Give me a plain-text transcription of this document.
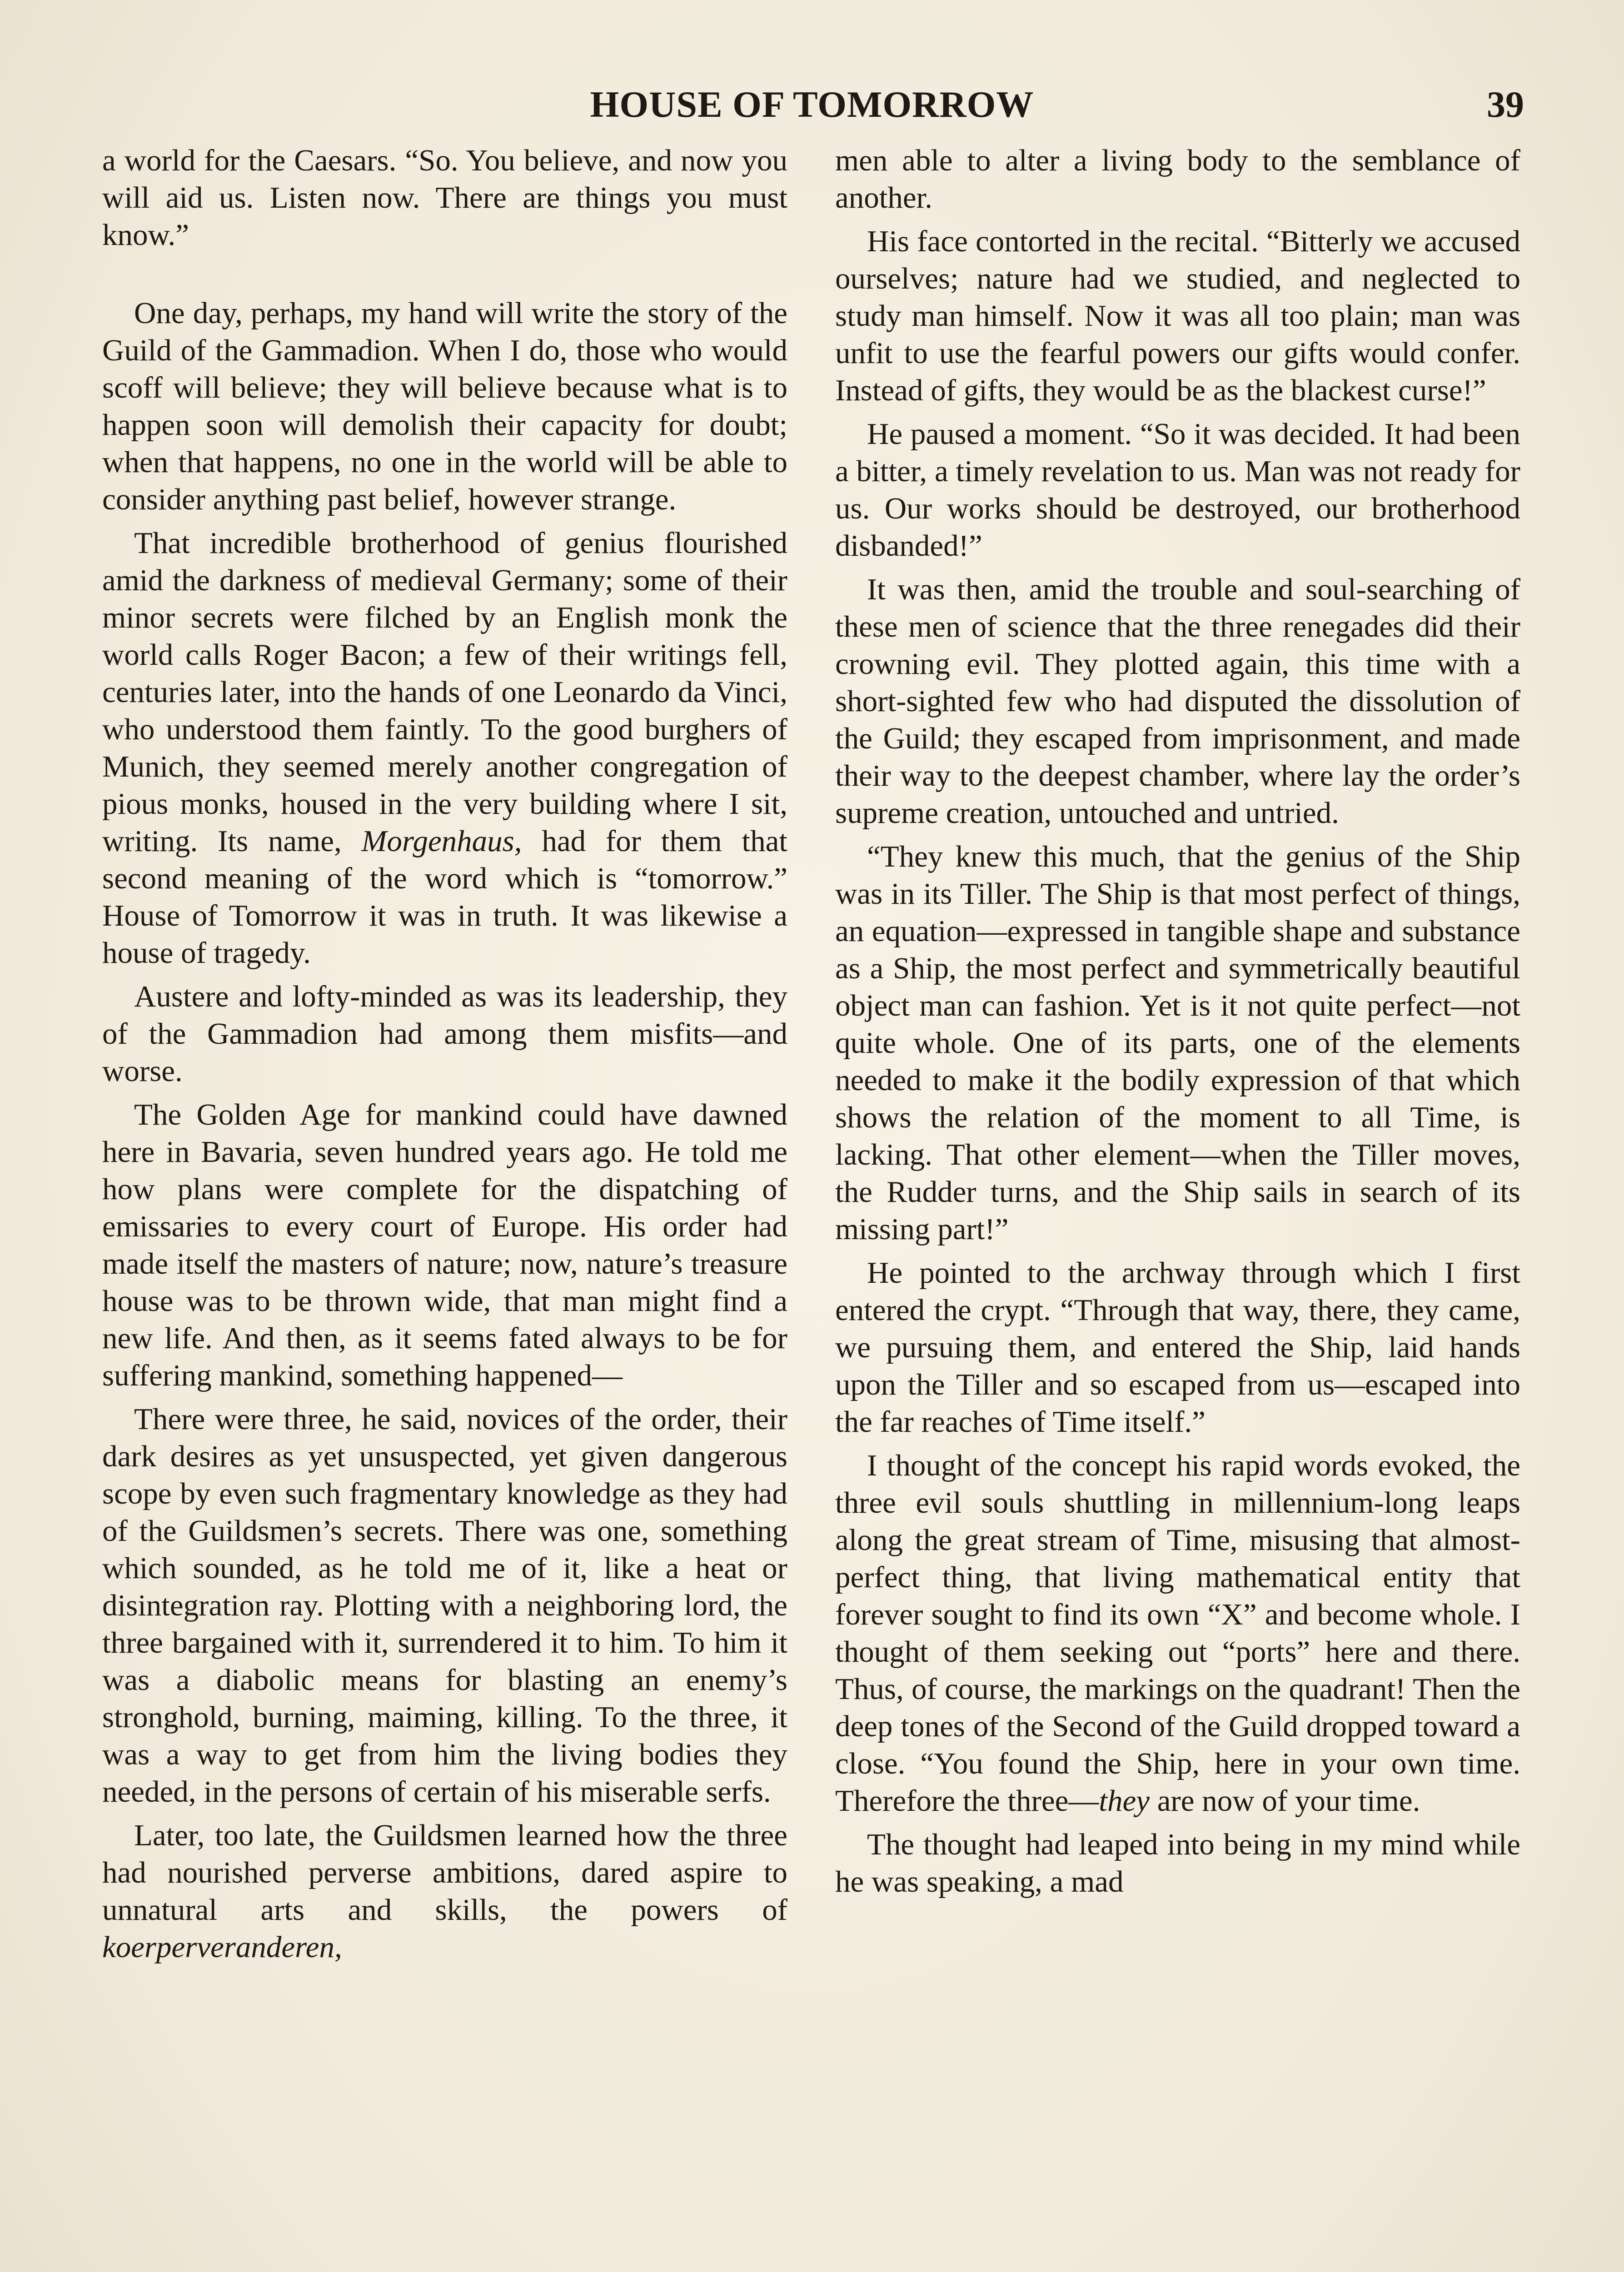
HOUSE OF TOMORROW	39

a world for the Caesars. “So. You believe, and now you will aid us. Listen now. There are things you must know.”

One day, perhaps, my hand will write the story of the Guild of the Gammadion. When I do, those who would scoff will believe; they will believe because what is to happen soon will demolish their capacity for doubt; when that happens, no one in the world will be able to consider anything past belief, however strange.

That incredible brotherhood of genius flourished amid the darkness of medieval Germany; some of their minor secrets were filched by an English monk the world calls Roger Bacon; a few of their writings fell, centuries later, into the hands of one Leonardo da Vinci, who understood them faintly. To the good burghers of Munich, they seemed merely another congregation of pious monks, housed in the very building where I sit, writing. Its name, Morgenhaus, had for them that second meaning of the word which is “tomorrow.” House of Tomorrow it was in truth. It was likewise a house of tragedy.

Austere and lofty-minded as was its leadership, they of the Gammadion had among them misfits—and worse.

The Golden Age for mankind could have dawned here in Bavaria, seven hundred years ago. He told me how plans were complete for the dispatching of emissaries to every court of Europe. His order had made itself the masters of nature; now, nature’s treasure house was to be thrown wide, that man might find a new life. And then, as it seems fated always to be for suffering mankind, something happened—

There were three, he said, novices of the order, their dark desires as yet unsuspected, yet given dangerous scope by even such fragmentary knowledge as they had of the Guildsmen’s secrets. There was one, something which sounded, as he told me of it, like a heat or disintegration ray. Plotting with a neighboring lord, the three bargained with it, surrendered it to him. To him it was a diabolic means for blasting an enemy’s stronghold, burning, maiming, killing. To the three, it was a way to get from him the living bodies they needed, in the persons of certain of his miserable serfs.

Later, too late, the Guildsmen learned how the three had nourished perverse ambitions, dared aspire to unnatural arts and skills, the powers of koerperveranderen,

men able to alter a living body to the semblance of another.

His face contorted in the recital. “Bitterly we accused ourselves; nature had we studied, and neglected to study man himself. Now it was all too plain; man was unfit to use the fearful powers our gifts would confer. Instead of gifts, they would be as the blackest curse!”

He paused a moment. “So it was decided. It had been a bitter, a timely revelation to us. Man was not ready for us. Our works should be destroyed, our brotherhood disbanded!”

It was then, amid the trouble and soul-searching of these men of science that the three renegades did their crowning evil. They plotted again, this time with a short-sighted few who had disputed the dissolution of the Guild; they escaped from imprisonment, and made their way to the deepest chamber, where lay the order’s supreme creation, untouched and untried.

“They knew this much, that the genius of the Ship was in its Tiller. The Ship is that most perfect of things, an equation—expressed in tangible shape and substance as a Ship, the most perfect and symmetrically beautiful object man can fashion. Yet is it not quite perfect—not quite whole. One of its parts, one of the elements needed to make it the bodily expression of that which shows the relation of the moment to all Time, is lacking. That other element—when the Tiller moves, the Rudder turns, and the Ship sails in search of its missing part!”

He pointed to the archway through which I first entered the crypt. “Through that way, there, they came, we pursuing them, and entered the Ship, laid hands upon the Tiller and so escaped from us—escaped into the far reaches of Time itself.”

I thought of the concept his rapid words evoked, the three evil souls shuttling in millennium-long leaps along the great stream of Time, misusing that almost-perfect thing, that living mathematical entity that forever sought to find its own “X” and become whole. I thought of them seeking out “ports” here and there. Thus, of course, the markings on the quadrant! Then the deep tones of the Second of the Guild dropped toward a close. “You found the Ship, here in your own time. Therefore the three—they are now of your time.

The thought had leaped into being in my mind while he was speaking, a mad
